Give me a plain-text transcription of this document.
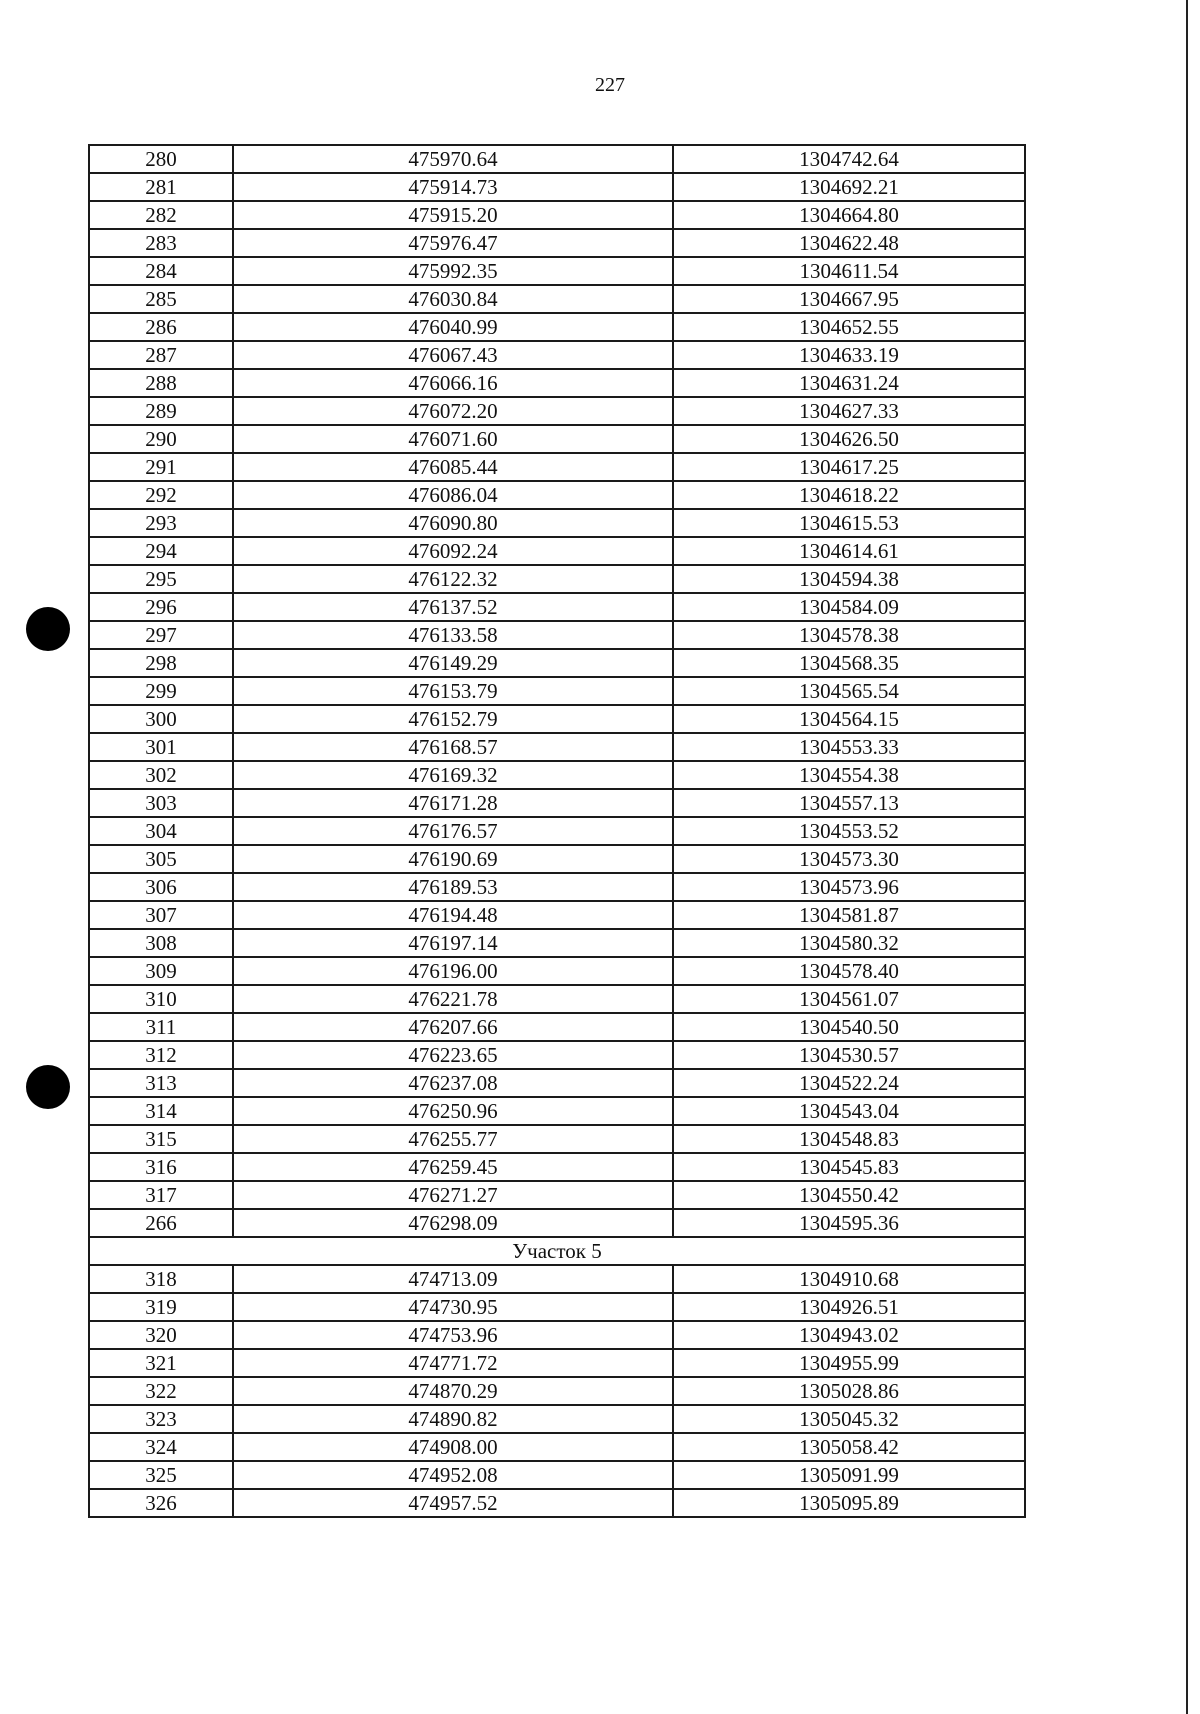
227
280	475970.64	1304742.64
281	475914.73	1304692.21
282	475915.20	1304664.80
283	475976.47	1304622.48
284	475992.35	1304611.54
285	476030.84	1304667.95
286	476040.99	1304652.55
287	476067.43	1304633.19
288	476066.16	1304631.24
289	476072.20	1304627.33
290	476071.60	1304626.50
291	476085.44	1304617.25
292	476086.04	1304618.22
293	476090.80	1304615.53
294	476092.24	1304614.61
295	476122.32	1304594.38
296	476137.52	1304584.09
297	476133.58	1304578.38
298	476149.29	1304568.35
299	476153.79	1304565.54
300	476152.79	1304564.15
301	476168.57	1304553.33
302	476169.32	1304554.38
303	476171.28	1304557.13
304	476176.57	1304553.52
305	476190.69	1304573.30
306	476189.53	1304573.96
307	476194.48	1304581.87
308	476197.14	1304580.32
309	476196.00	1304578.40
310	476221.78	1304561.07
311	476207.66	1304540.50
312	476223.65	1304530.57
313	476237.08	1304522.24
314	476250.96	1304543.04
315	476255.77	1304548.83
316	476259.45	1304545.83
317	476271.27	1304550.42
266	476298.09	1304595.36
Участок 5		
318	474713.09	1304910.68
319	474730.95	1304926.51
320	474753.96	1304943.02
321	474771.72	1304955.99
322	474870.29	1305028.86
323	474890.82	1305045.32
324	474908.00	1305058.42
325	474952.08	1305091.99
326	474957.52	1305095.89
